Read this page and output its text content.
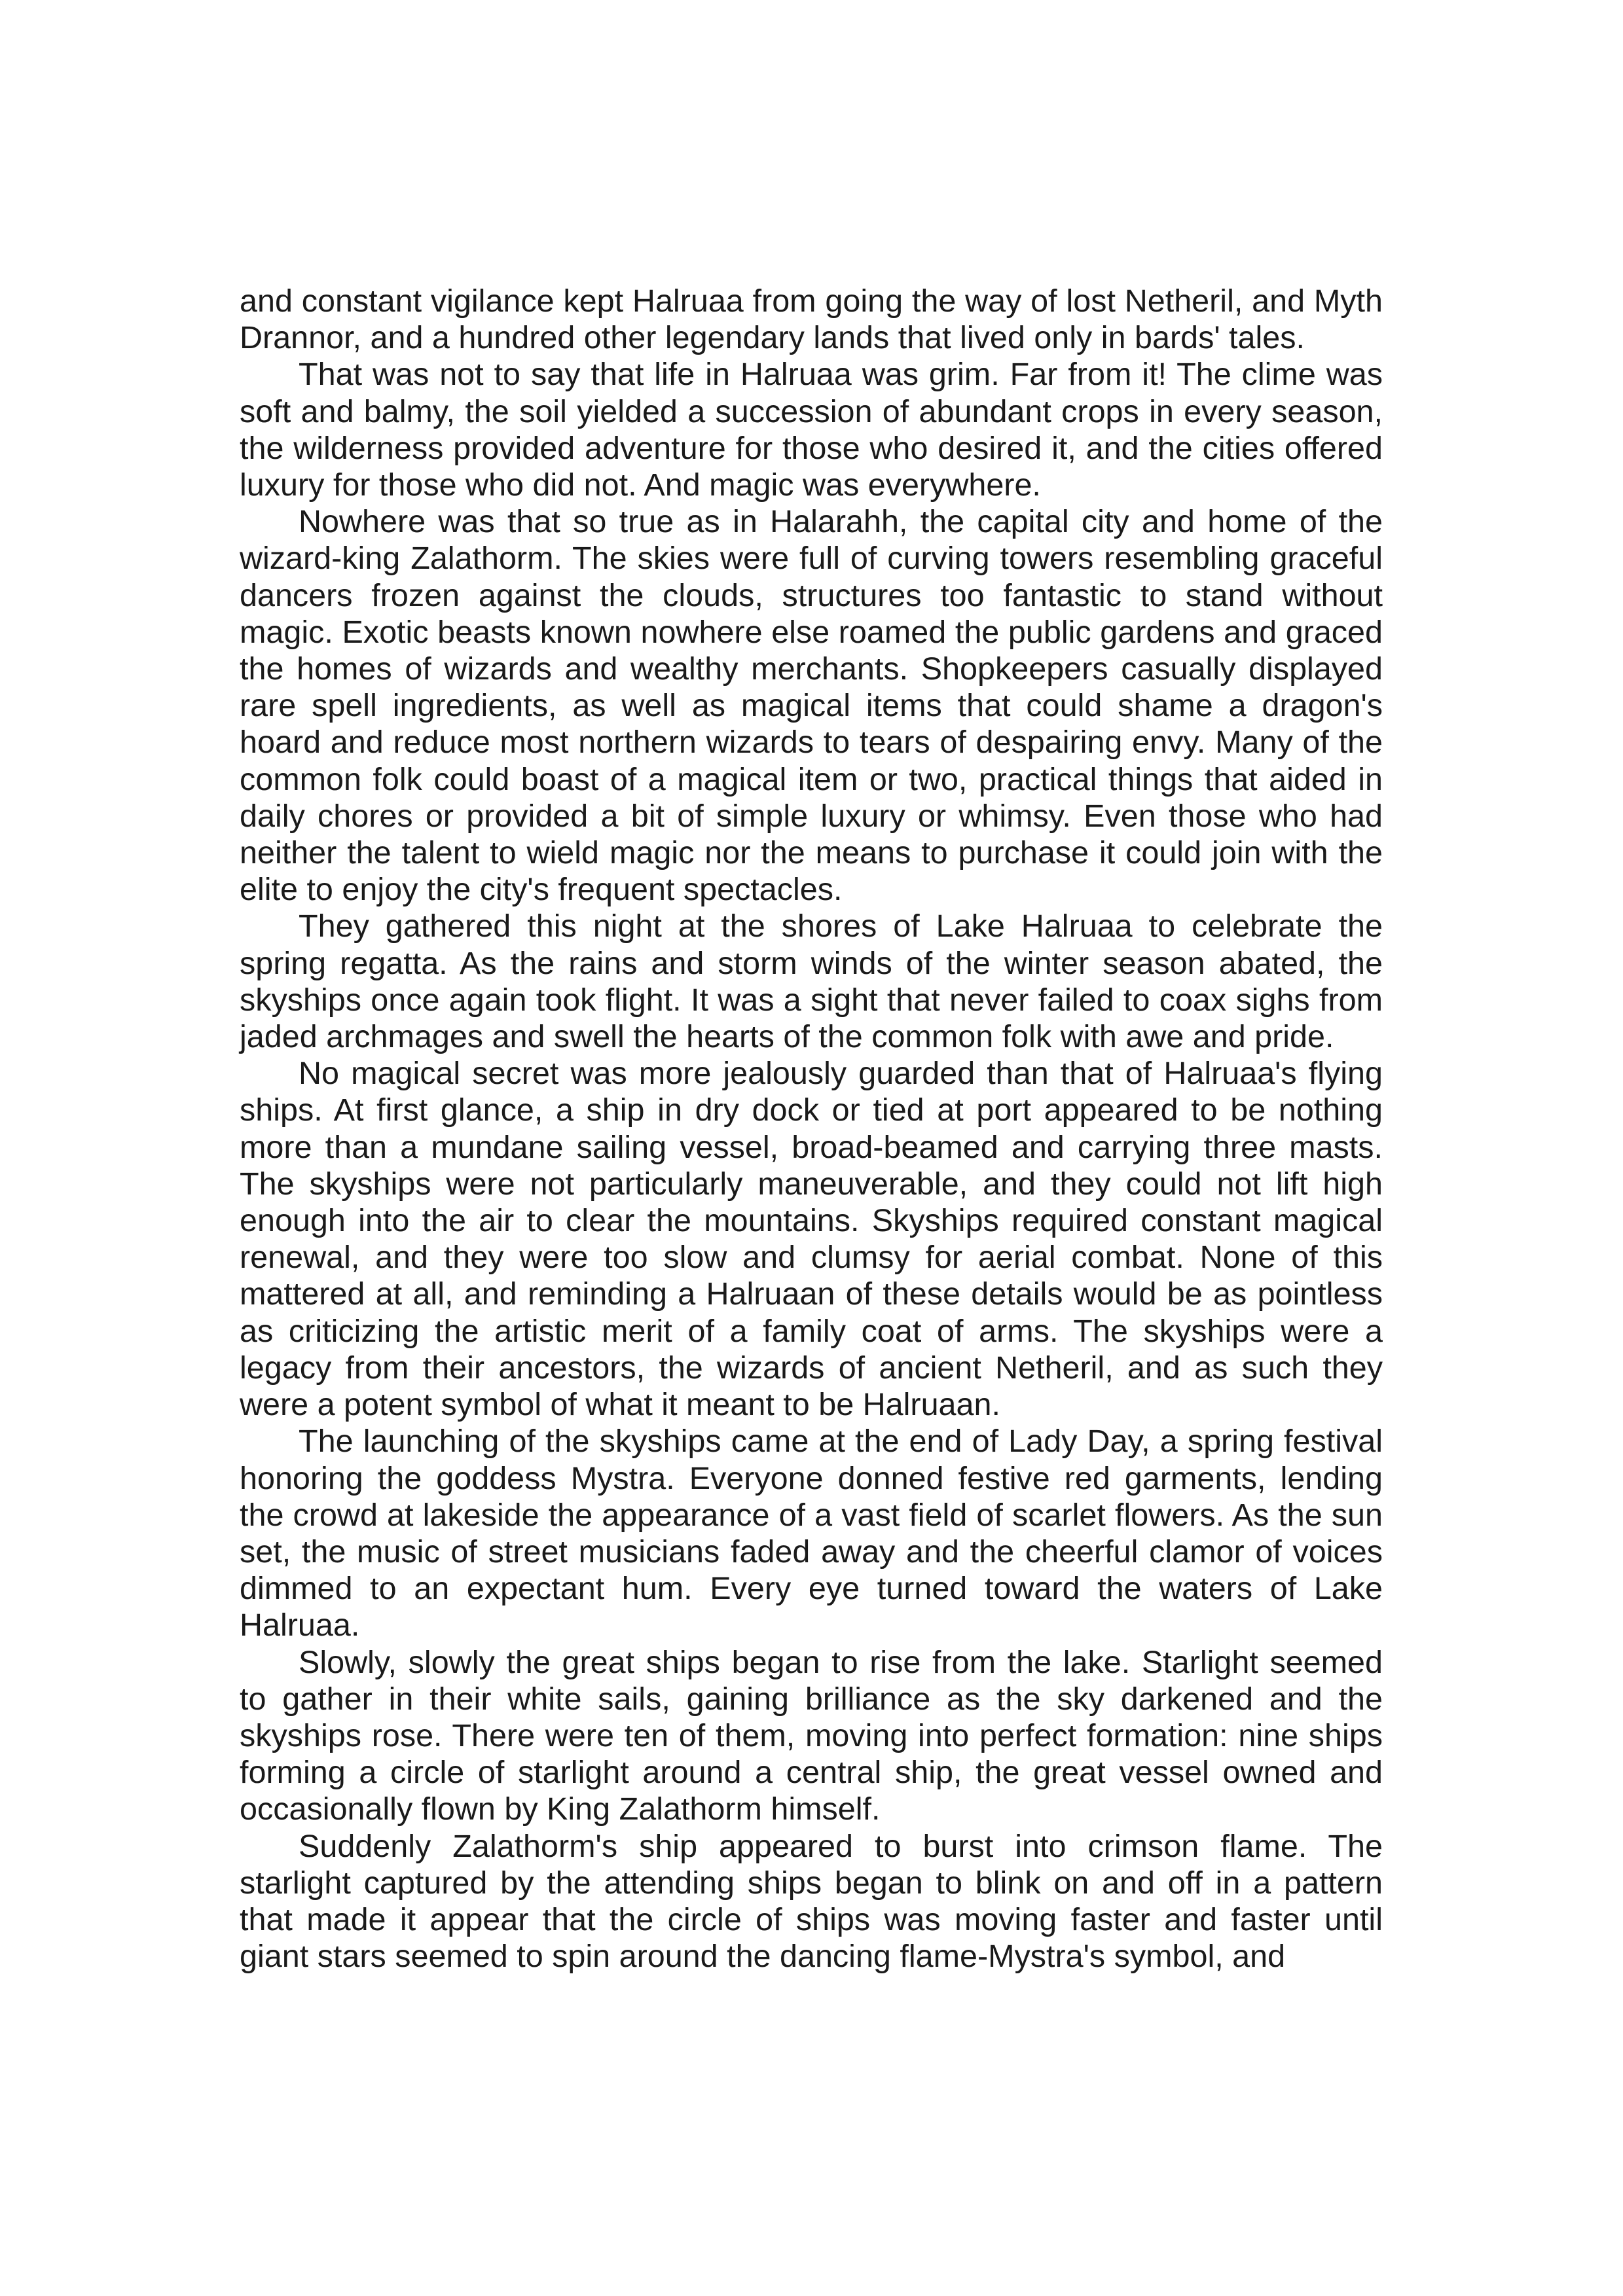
and constant vigilance kept Halruaa from going the way of lost Netheril, and Myth Drannor, and a hundred other legendary lands that lived only in bards' tales.

That was not to say that life in Halruaa was grim. Far from it! The clime was soft and balmy, the soil yielded a succession of abundant crops in every season, the wilderness provided adventure for those who desired it, and the cities offered luxury for those who did not. And magic was everywhere.

Nowhere was that so true as in Halarahh, the capital city and home of the wizard-king Zalathorm. The skies were full of curving towers resembling graceful dancers frozen against the clouds, structures too fantastic to stand without magic. Exotic beasts known nowhere else roamed the public gardens and graced the homes of wizards and wealthy merchants. Shopkeepers casually displayed rare spell ingredients, as well as magical items that could shame a dragon's hoard and reduce most northern wizards to tears of despairing envy. Many of the common folk could boast of a magical item or two, practical things that aided in daily chores or provided a bit of simple luxury or whimsy. Even those who had neither the talent to wield magic nor the means to purchase it could join with the elite to enjoy the city's frequent spectacles.

They gathered this night at the shores of Lake Halruaa to celebrate the spring regatta. As the rains and storm winds of the winter season abated, the skyships once again took flight. It was a sight that never failed to coax sighs from jaded archmages and swell the hearts of the common folk with awe and pride.

No magical secret was more jealously guarded than that of Halruaa's flying ships. At first glance, a ship in dry dock or tied at port appeared to be nothing more than a mundane sailing vessel, broad-beamed and carrying three masts. The skyships were not particularly maneuverable, and they could not lift high enough into the air to clear the mountains. Skyships required constant magical renewal, and they were too slow and clumsy for aerial combat. None of this mattered at all, and reminding a Halruaan of these details would be as pointless as criticizing the artistic merit of a family coat of arms. The skyships were a legacy from their ancestors, the wizards of ancient Netheril, and as such they were a potent symbol of what it meant to be Halruaan.

The launching of the skyships came at the end of Lady Day, a spring festival honoring the goddess Mystra. Everyone donned festive red garments, lending the crowd at lakeside the appearance of a vast field of scarlet flowers. As the sun set, the music of street musicians faded away and the cheerful clamor of voices dimmed to an expectant hum. Every eye turned toward the waters of Lake Halruaa.

Slowly, slowly the great ships began to rise from the lake. Starlight seemed to gather in their white sails, gaining brilliance as the sky darkened and the skyships rose. There were ten of them, moving into perfect formation: nine ships forming a circle of starlight around a central ship, the great vessel owned and occasionally flown by King Zalathorm himself.

Suddenly Zalathorm's ship appeared to burst into crimson flame. The starlight captured by the attending ships began to blink on and off in a pattern that made it appear that the circle of ships was moving faster and faster until giant stars seemed to spin around the dancing flame-Mystra's symbol, and
